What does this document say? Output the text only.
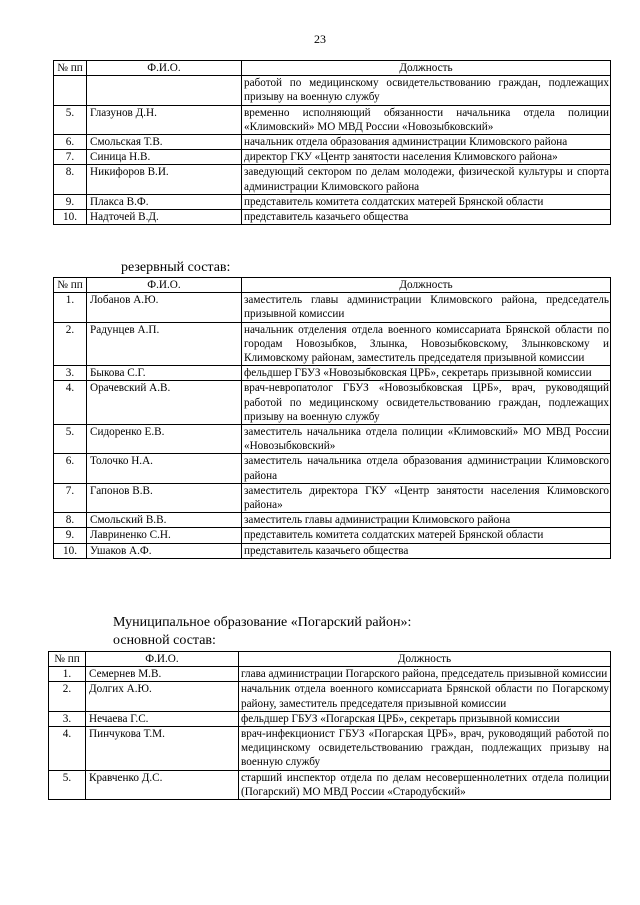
23
№ пп	Ф.И.О.	Должность
		работой по медицинскому освидетельствованию граждан, подлежащих призыву на военную службу
5.	Глазунов Д.Н.	временно исполняющий обязанности начальника отдела полиции «Климовский» МО МВД России «Новозыбковский»
6.	Смольская Т.В.	начальник отдела образования администрации Климовского района
7.	Синица Н.В.	директор ГКУ «Центр занятости населения Климовского района»
8.	Никифоров В.И.	заведующий сектором по делам молодежи, физической культуры и спорта администрации Климовского района
9.	Плакса В.Ф.	представитель комитета солдатских матерей Брянской области
10.	Надточей В.Д.	представитель казачьего общества
резервный состав:
№ пп	Ф.И.О.	Должность
1.	Лобанов А.Ю.	заместитель главы администрации Климовского района, председатель призывной комиссии
2.	Радунцев А.П.	начальник отделения отдела военного комиссариата Брянской области по городам Новозыбков, Злынка, Новозыбковскому, Злынковскому и Климовскому районам, заместитель председателя призывной комиссии
3.	Быкова С.Г.	фельдшер ГБУЗ «Новозыбковская ЦРБ», секретарь призывной комиссии
4.	Орачевский А.В.	врач-невропатолог ГБУЗ «Новозыбковская ЦРБ», врач, руководящий работой по медицинскому освидетельствованию граждан, подлежащих призыву на военную службу
5.	Сидоренко Е.В.	заместитель начальника отдела полиции «Климовский» МО МВД России «Новозыбковский»
6.	Толочко Н.А.	заместитель начальника отдела образования администрации Климовского района
7.	Гапонов В.В.	заместитель директора ГКУ «Центр занятости населения Климовского района»
8.	Смольский В.В.	заместитель главы администрации Климовского района
9.	Лавриненко С.Н.	представитель комитета солдатских матерей Брянской области
10.	Ушаков А.Ф.	представитель казачьего общества
Муниципальное образование «Погарский район»:
основной состав:
№ пп	Ф.И.О.	Должность
1.	Семернев М.В.	глава администрации Погарского района, председатель призывной комиссии
2.	Долгих А.Ю.	начальник отдела военного комиссариата Брянской области по Погарскому району, заместитель председателя призывной комиссии
3.	Нечаева Г.С.	фельдшер ГБУЗ «Погарская ЦРБ», секретарь призывной комиссии
4.	Пинчукова Т.М.	врач-инфекционист ГБУЗ «Погарская ЦРБ», врач, руководящий работой по медицинскому освидетельствованию граждан, подлежащих призыву на военную службу
5.	Кравченко Д.С.	старший инспектор отдела по делам несовершеннолетних отдела полиции (Погарский) МО МВД России «Стародубский»
